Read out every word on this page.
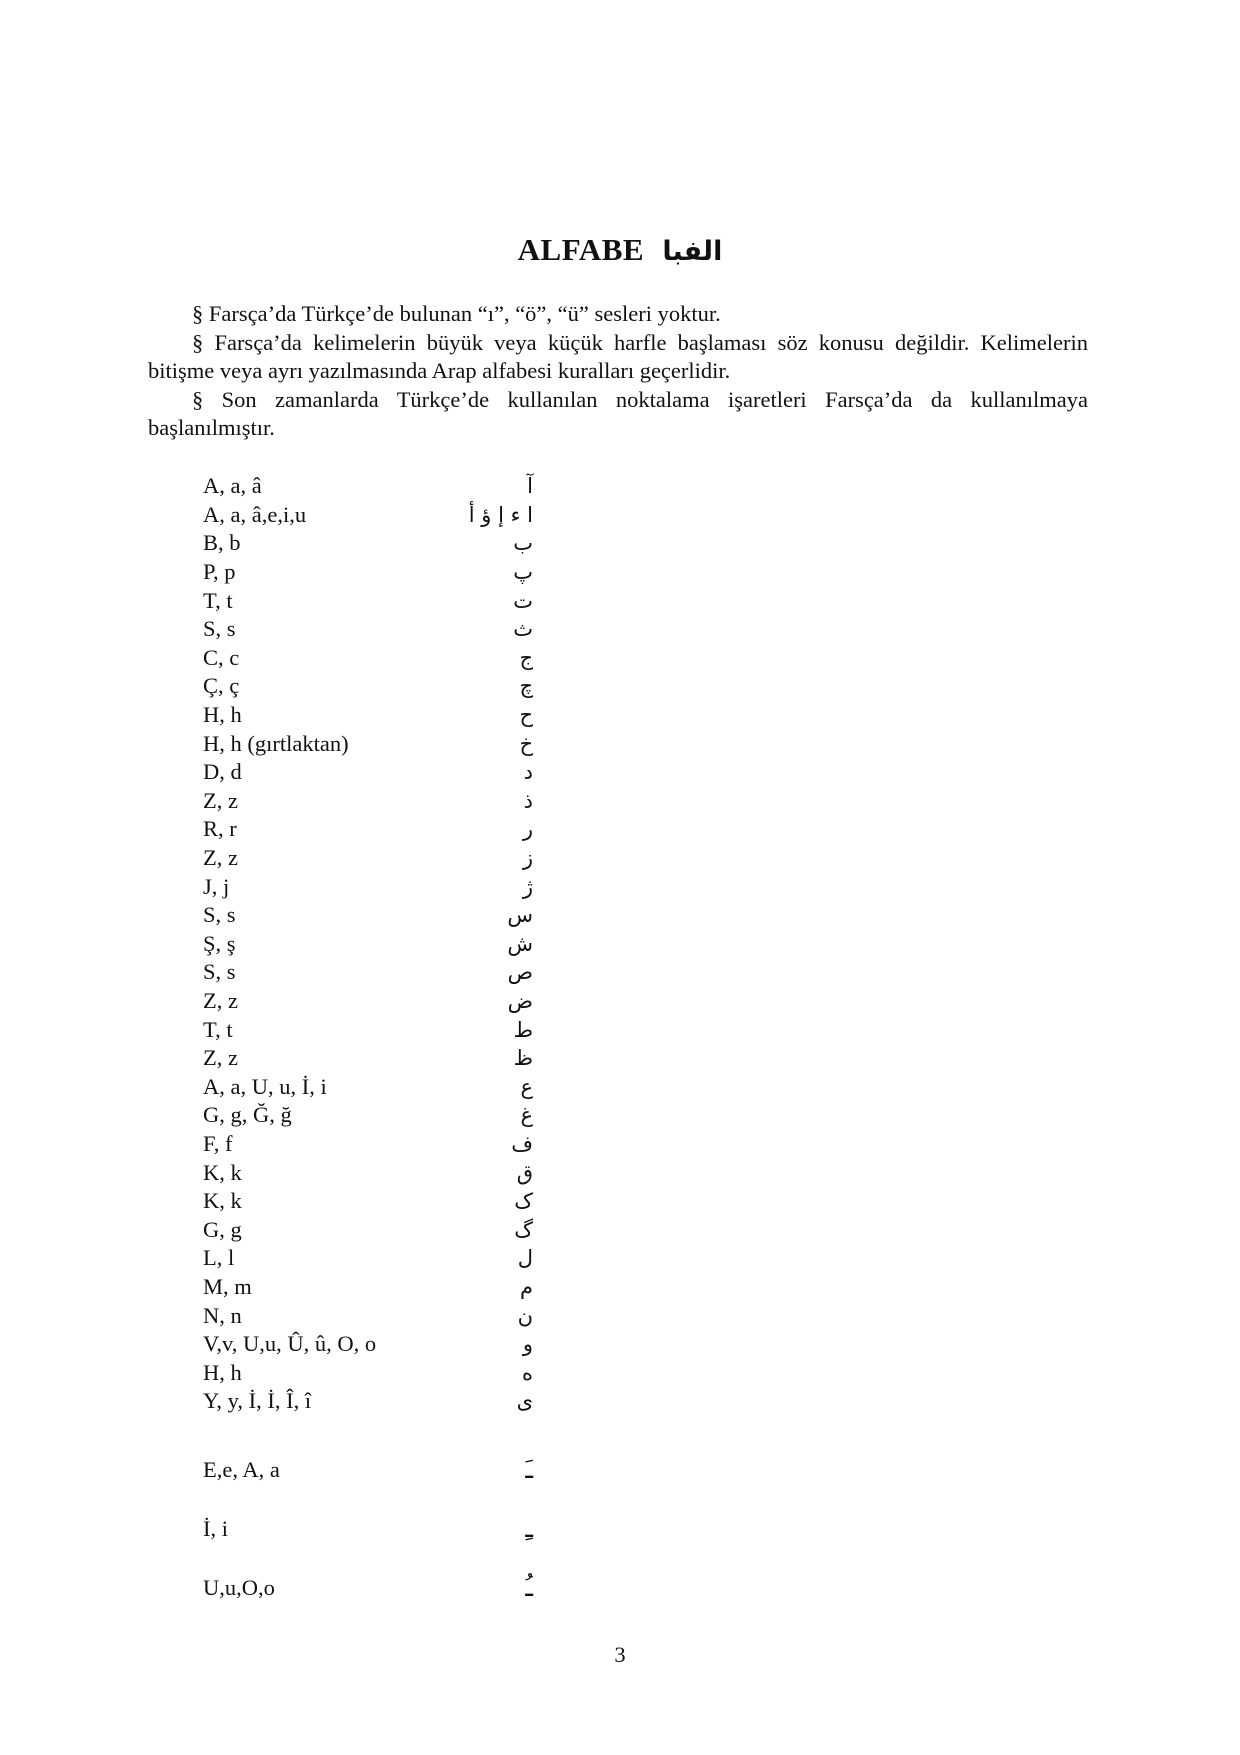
ALFABE الفبا

§ Farsça’da Türkçe’de bulunan “ı”, “ö”, “ü” sesleri yoktur.

§ Farsça’da kelimelerin büyük veya küçük harfle başlaması söz konusu değildir. Kelimelerin bitişme veya ayrı yazılmasında Arap alfabesi kuralları geçerlidir.

§ Son zamanlarda Türkçe’de kullanılan noktalama işaretleri Farsça’da da kullanılmaya başlanılmıştır.

A, a, â	آ
A, a, â,e,i,u	ا ء إ ؤ أ
B, b	ب
P, p	پ
T, t	ت
S, s	ث
C, c	ج
Ç, ç	چ
H, h	ح
H, h (gırtlaktan)	خ
D, d	د
Z, z	ذ
R, r	ر
Z, z	ز
J, j	ژ
S, s	س
Ş, ş	ش
S, s	ص
Z, z	ض
T, t	ط
Z, z	ظ
A, a, U, u, İ, i	ع
G, g, Ğ, ğ	غ
F, f	ف
K, k	ق
K, k	ک
G, g	گ
L, l	ل
M, m	م
N, n	ن
V,v, U,u, Û, û, O, o	و
H, h	ه
Y, y, İ, İ, Î, î	ی
E,e, A, a	ـَ
İ, i	ـِ
U,u,O,o	ـُ
3
